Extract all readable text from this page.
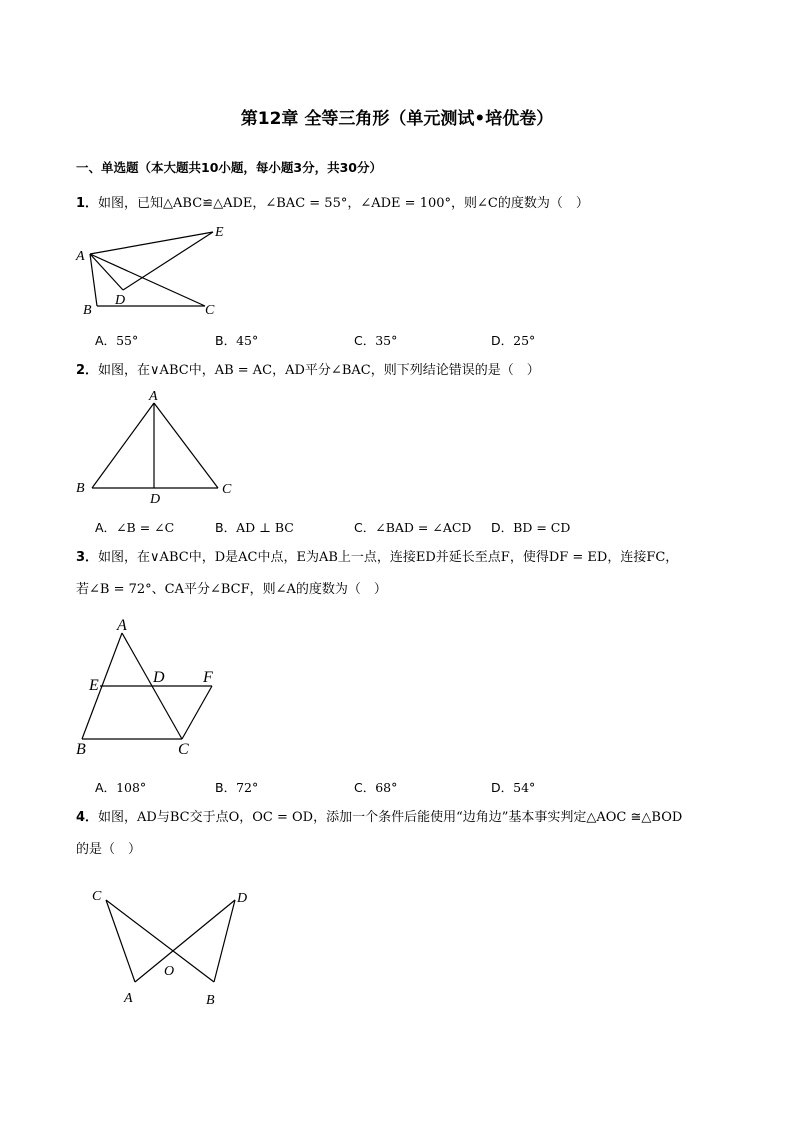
第12章 全等三角形（单元测试•培优卷）
一、单选题（本大题共10小题，每小题3分，共30分）
1．如图，已知△ABC≌△ADE，∠BAC = 55°，∠ADE = 100°，则∠C的度数为（　）
A
E
B
D
C
A．55°	B．45°	C．35°	D．25°
2．如图，在∨ABC中，AB = AC，AD平分∠BAC，则下列结论错误的是（　）
A
B	C
D
A．∠B = ∠C	B．AD ⊥ BC	C．∠BAD = ∠ACD D．BD = CD
3．如图，在∨ABC中，D是AC中点，E为AB上一点，连接ED并延长至点F，使得DF = ED，连接FC，
若∠B = 72°、CA平分∠BCF，则∠A的度数为（　）
A
E	D F
B	C
A．108°	B．72°	C．68°	D．54°
4．如图，AD与BC交于点O，OC = OD，添加一个条件后能使用“边角边”基本事实判定△AOC ≅△BOD
的是（　）
C	D
O
A	B
